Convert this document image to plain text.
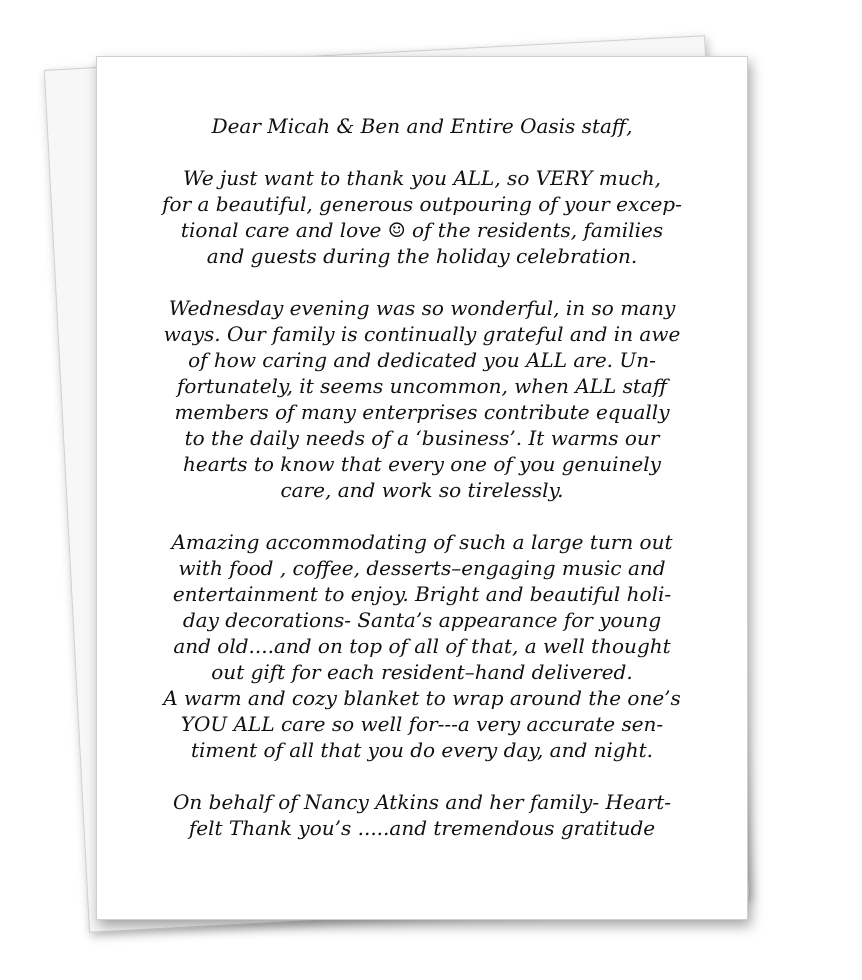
Dear Micah & Ben and Entire Oasis staff,

We just want to thank you ALL, so VERY much,
for a beautiful, generous outpouring of your excep-
tional care and love ☺ of the residents, families
and guests during the holiday celebration.

Wednesday evening was so wonderful, in so many
ways. Our family is continually grateful and in awe
of how caring and dedicated you ALL are. Un-
fortunately, it seems uncommon, when ALL staff
members of many enterprises contribute equally
to the daily needs of a ‘business’. It warms our
hearts to know that every one of you genuinely
care, and work so tirelessly.

Amazing accommodating of such a large turn out
with food , coffee, desserts–engaging music and
entertainment to enjoy. Bright and beautiful holi-
day decorations- Santa’s appearance for young
and old....and on top of all of that, a well thought
out gift for each resident–hand delivered.
A warm and cozy blanket to wrap around the one’s
YOU ALL care so well for---a very accurate sen-
timent of all that you do every day, and night.

On behalf of Nancy Atkins and her family- Heart-
felt Thank you’s .....and tremendous gratitude
